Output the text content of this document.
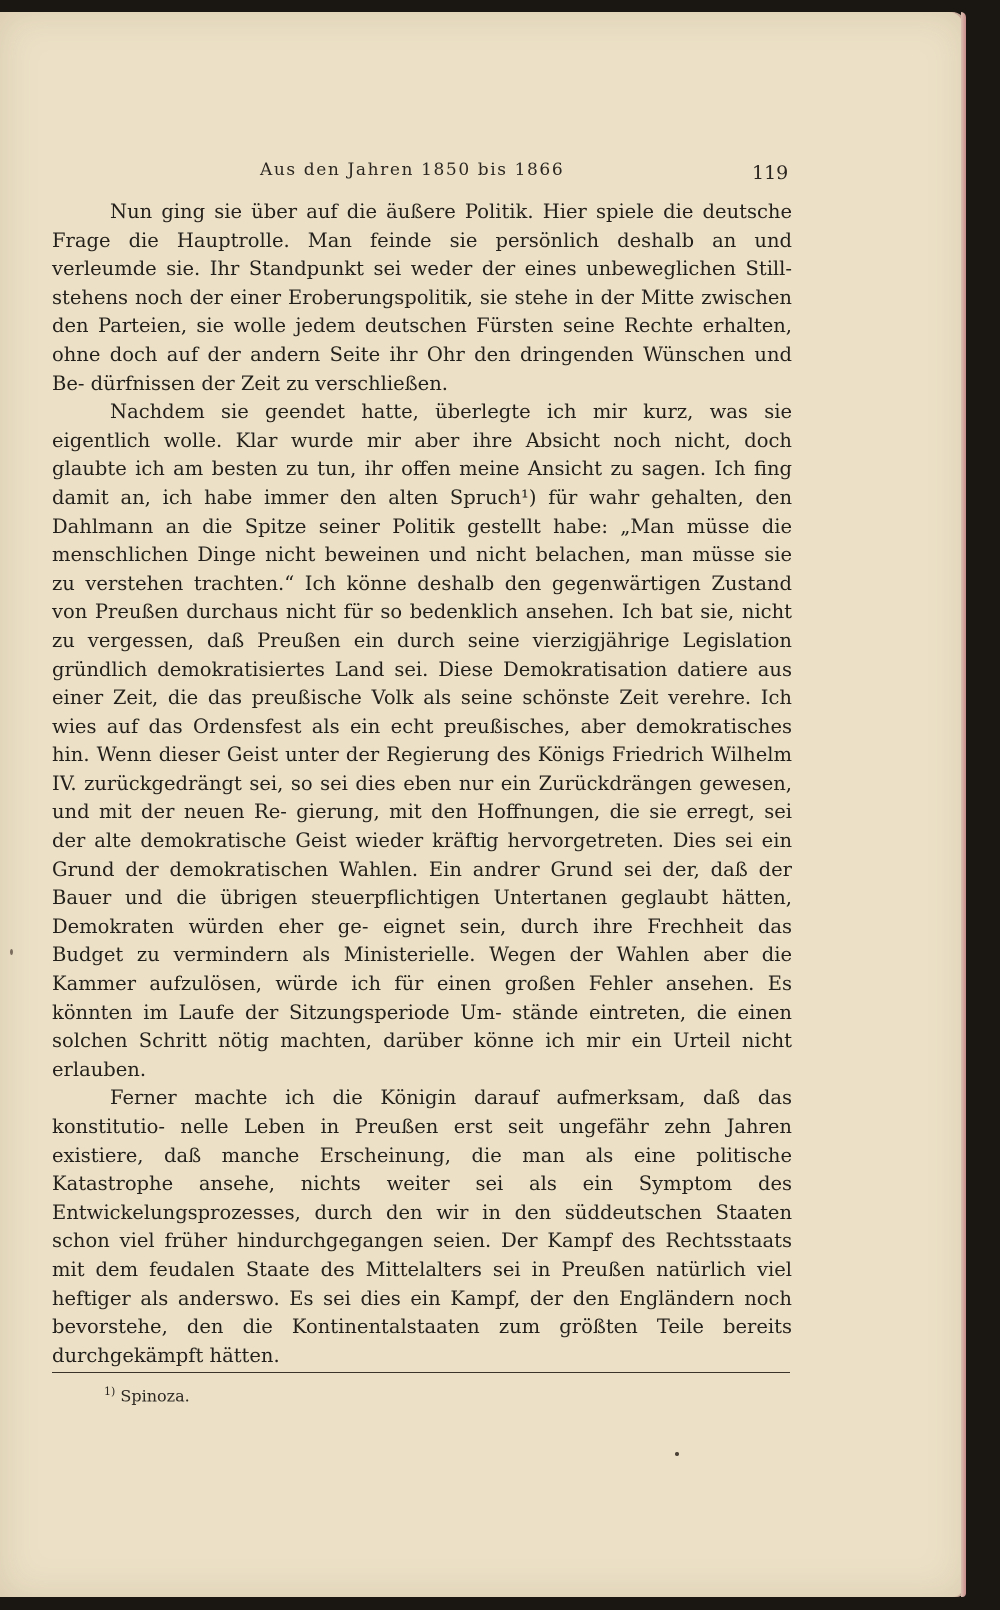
Aus den Jahren 1850 bis 1866	119

Nun ging sie über auf die äußere Politik. Hier spiele die deutsche Frage die Hauptrolle. Man feinde sie persönlich deshalb an und verleumde sie. Ihr Standpunkt sei weder der eines unbeweglichen Still- stehens noch der einer Eroberungspolitik, sie stehe in der Mitte zwischen den Parteien, sie wolle jedem deutschen Fürsten seine Rechte erhalten, ohne doch auf der andern Seite ihr Ohr den dringenden Wünschen und Be- dürfnissen der Zeit zu verschließen.

Nachdem sie geendet hatte, überlegte ich mir kurz, was sie eigentlich wolle. Klar wurde mir aber ihre Absicht noch nicht, doch glaubte ich am besten zu tun, ihr offen meine Ansicht zu sagen. Ich fing damit an, ich habe immer den alten Spruch¹) für wahr gehalten, den Dahlmann an die Spitze seiner Politik gestellt habe: „Man müsse die menschlichen Dinge nicht beweinen und nicht belachen, man müsse sie zu verstehen trachten.“ Ich könne deshalb den gegenwärtigen Zustand von Preußen durchaus nicht für so bedenklich ansehen. Ich bat sie, nicht zu vergessen, daß Preußen ein durch seine vierzigjährige Legislation gründlich demokratisiertes Land sei. Diese Demokratisation datiere aus einer Zeit, die das preußische Volk als seine schönste Zeit verehre. Ich wies auf das Ordensfest als ein echt preußisches, aber demokratisches hin. Wenn dieser Geist unter der Regierung des Königs Friedrich Wilhelm IV. zurückgedrängt sei, so sei dies eben nur ein Zurückdrängen gewesen, und mit der neuen Re- gierung, mit den Hoffnungen, die sie erregt, sei der alte demokratische Geist wieder kräftig hervorgetreten. Dies sei ein Grund der demokratischen Wahlen. Ein andrer Grund sei der, daß der Bauer und die übrigen steuerpflichtigen Untertanen geglaubt hätten, Demokraten würden eher ge- eignet sein, durch ihre Frechheit das Budget zu vermindern als Ministerielle. Wegen der Wahlen aber die Kammer aufzulösen, würde ich für einen großen Fehler ansehen. Es könnten im Laufe der Sitzungsperiode Um- stände eintreten, die einen solchen Schritt nötig machten, darüber könne ich mir ein Urteil nicht erlauben.

Ferner machte ich die Königin darauf aufmerksam, daß das konstitutio- nelle Leben in Preußen erst seit ungefähr zehn Jahren existiere, daß manche Erscheinung, die man als eine politische Katastrophe ansehe, nichts weiter sei als ein Symptom des Entwickelungsprozesses, durch den wir in den süddeutschen Staaten schon viel früher hindurchgegangen seien. Der Kampf des Rechtsstaats mit dem feudalen Staate des Mittelalters sei in Preußen natürlich viel heftiger als anderswo. Es sei dies ein Kampf, der den Engländern noch bevorstehe, den die Kontinentalstaaten zum größten Teile bereits durchgekämpft hätten.

$^{1)}$ Spinoza.
